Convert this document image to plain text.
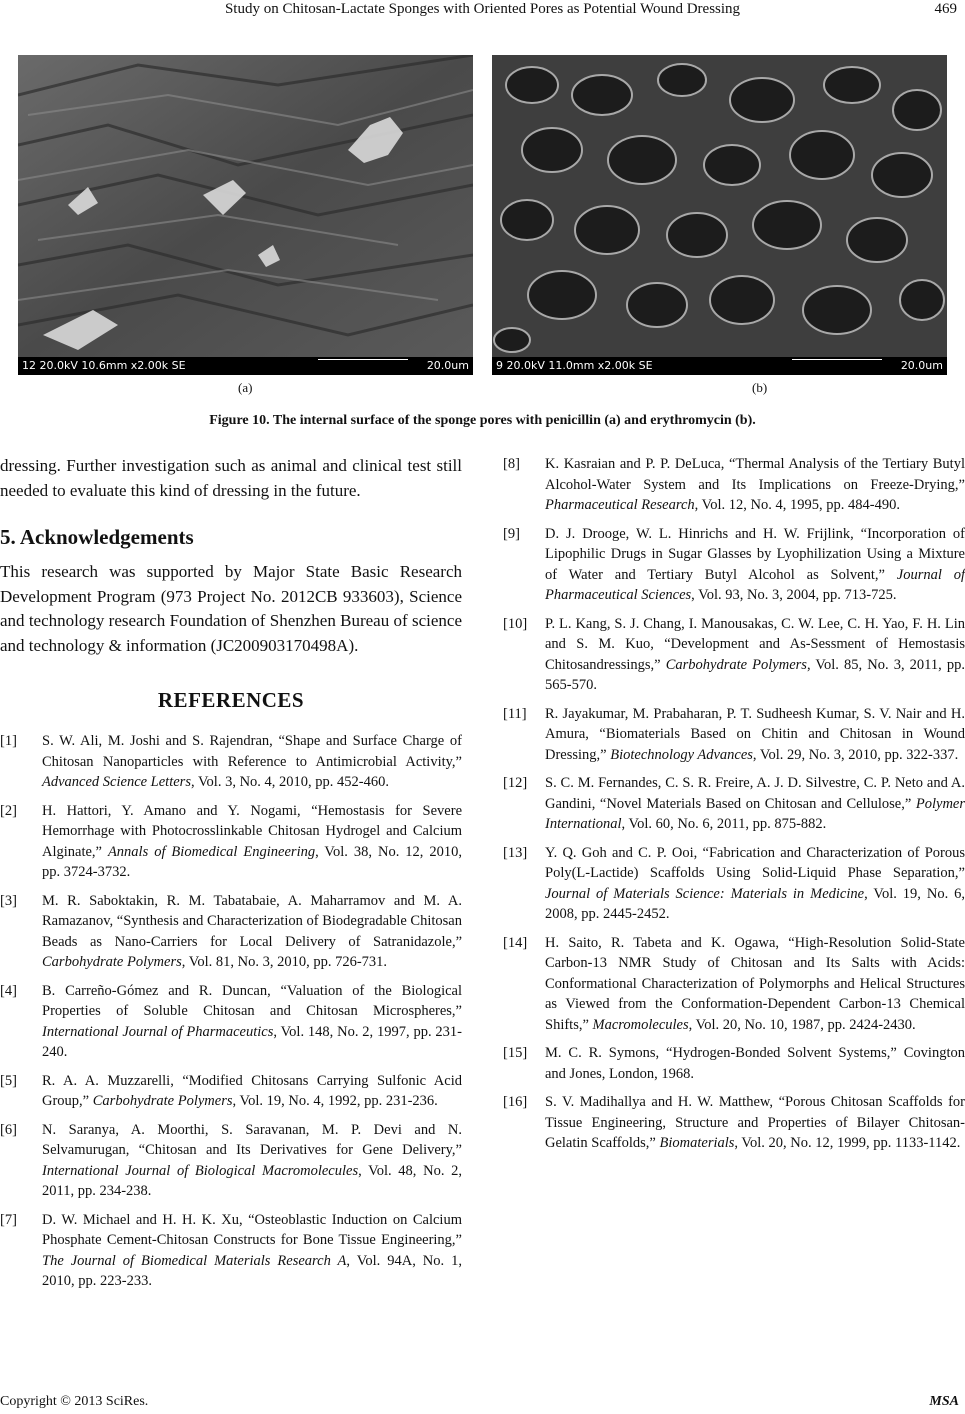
Study on Chitosan-Lactate Sponges with Oriented Pores as Potential Wound Dressing	469
12 20.0kV 10.6mm x2.00k SE	20.0um 9 20.0kV 11.0mm x2.00k SE	20.0um
(a)	(b)
Figure 10. The internal surface of the sponge pores with penicillin (a) and erythromycin (b).

dressing. Further investigation such as animal and clinical test still needed to evaluate this kind of dressing in the future.

5. Acknowledgements

This research was supported by Major State Basic Research Development Program (973 Project No. 2012CB 933603), Science and technology research Foundation of Shenzhen Bureau of science and technology & information (JC200903170498A).

REFERENCES
[1] S. W. Ali, M. Joshi and S. Rajendran, “Shape and Surface Charge of Chitosan Nanoparticles with Reference to Antimicrobial Activity,” Advanced Science Letters, Vol. 3, No. 4, 2010, pp. 452-460.
[2] H. Hattori, Y. Amano and Y. Nogami, “Hemostasis for Severe Hemorrhage with Photocrosslinkable Chitosan Hydrogel and Calcium Alginate,” Annals of Biomedical Engineering, Vol. 38, No. 12, 2010, pp. 3724-3732.
[3] M. R. Saboktakin, R. M. Tabatabaie, A. Maharramov and M. A. Ramazanov, “Synthesis and Characterization of Biodegradable Chitosan Beads as Nano-Carriers for Local Delivery of Satranidazole,” Carbohydrate Polymers, Vol. 81, No. 3, 2010, pp. 726-731.
[4] B. Carreño-Gómez and R. Duncan, “Valuation of the Biological Properties of Soluble Chitosan and Chitosan Microspheres,” International Journal of Pharmaceutics, Vol. 148, No. 2, 1997, pp. 231-240.
[5] R. A. A. Muzzarelli, “Modified Chitosans Carrying Sulfonic Acid Group,” Carbohydrate Polymers, Vol. 19, No. 4, 1992, pp. 231-236.
[6] N. Saranya, A. Moorthi, S. Saravanan, M. P. Devi and N. Selvamurugan, “Chitosan and Its Derivatives for Gene Delivery,” International Journal of Biological Macromolecules, Vol. 48, No. 2, 2011, pp. 234-238.
[7] D. W. Michael and H. H. K. Xu, “Osteoblastic Induction on Calcium Phosphate Cement-Chitosan Constructs for Bone Tissue Engineering,” The Journal of Biomedical Materials Research A, Vol. 94A, No. 1, 2010, pp. 223-233.
[8] K. Kasraian and P. P. DeLuca, “Thermal Analysis of the Tertiary Butyl Alcohol-Water System and Its Implications on Freeze-Drying,” Pharmaceutical Research, Vol. 12, No. 4, 1995, pp. 484-490.
[9] D. J. Drooge, W. L. Hinrichs and H. W. Frijlink, “Incorporation of Lipophilic Drugs in Sugar Glasses by Lyophilization Using a Mixture of Water and Tertiary Butyl Alcohol as Solvent,” Journal of Pharmaceutical Sciences, Vol. 93, No. 3, 2004, pp. 713-725.
[10] P. L. Kang, S. J. Chang, I. Manousakas, C. W. Lee, C. H. Yao, F. H. Lin and S. M. Kuo, “Development and As-Sessment of Hemostasis Chitosandressings,” Carbohydrate Polymers, Vol. 85, No. 3, 2011, pp. 565-570.
[11] R. Jayakumar, M. Prabaharan, P. T. Sudheesh Kumar, S. V. Nair and H. Amura, “Biomaterials Based on Chitin and Chitosan in Wound Dressing,” Biotechnology Advances, Vol. 29, No. 3, 2010, pp. 322-337.
[12] S. C. M. Fernandes, C. S. R. Freire, A. J. D. Silvestre, C. P. Neto and A. Gandini, “Novel Materials Based on Chitosan and Cellulose,” Polymer International, Vol. 60, No. 6, 2011, pp. 875-882.
[13] Y. Q. Goh and C. P. Ooi, “Fabrication and Characterization of Porous Poly(L-Lactide) Scaffolds Using Solid-Liquid Phase Separation,” Journal of Materials Science: Materials in Medicine, Vol. 19, No. 6, 2008, pp. 2445-2452.
[14] H. Saito, R. Tabeta and K. Ogawa, “High-Resolution Solid-State Carbon-13 NMR Study of Chitosan and Its Salts with Acids: Conformational Characterization of Polymorphs and Helical Structures as Viewed from the Conformation-Dependent Carbon-13 Chemical Shifts,” Macromolecules, Vol. 20, No. 10, 1987, pp. 2424-2430.
[15] M. C. R. Symons, “Hydrogen-Bonded Solvent Systems,” Covington and Jones, London, 1968.
[16] S. V. Madihallya and H. W. Matthew, “Porous Chitosan Scaffolds for Tissue Engineering, Structure and Properties of Bilayer Chitosan-Gelatin Scaffolds,” Biomaterials, Vol. 20, No. 12, 1999, pp. 1133-1142.
Copyright © 2013 SciRes.	MSA
